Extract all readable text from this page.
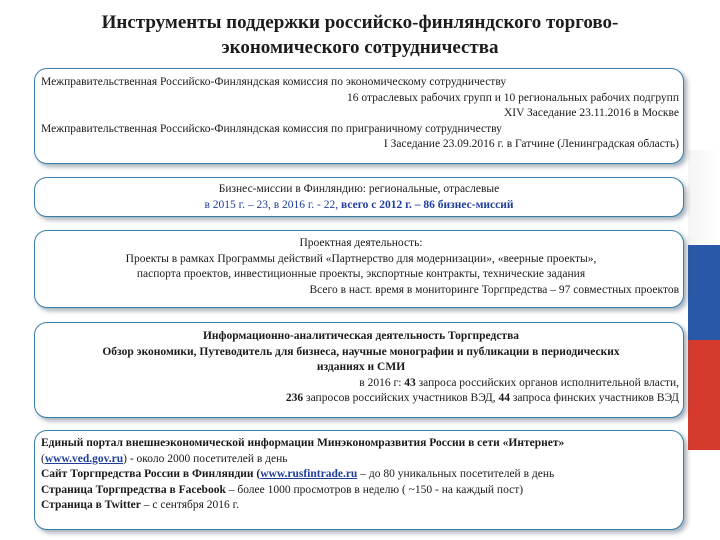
Инструменты поддержки российско-финляндского торгово-
экономического сотрудничества
Межправительственная Российско-Финляндская комиссия по экономическому сотрудничеству
16 отраслевых рабочих групп и 10 региональных рабочих подгрупп
XIV Заседание 23.11.2016 в Москве
Межправительственная Российско-Финляндская комиссия по приграничному сотрудничеству
I Заседание 23.09.2016 г. в Гатчине (Ленинградская область)
Бизнес-миссии в Финляндию: региональные, отраслевые
в 2015 г. – 23, в 2016 г. - 22, всего с 2012 г. – 86 бизнес-миссий
Проектная деятельность:
Проекты в рамках Программы действий «Партнерство для модернизации», «веерные проекты»,
паспорта проектов, инвестиционные проекты, экспортные контракты, технические задания
Всего в наст. время в мониторинге Торгпредства – 97 совместных проектов
Информационно-аналитическая деятельность Торгпредства
Обзор экономики, Путеводитель для бизнеса, научные монографии и публикации в периодических
изданиях и СМИ
в 2016 г: 43 запроса российских органов исполнительной власти,
236 запросов российских участников ВЭД, 44 запроса финских участников ВЭД
Единый портал внешнеэкономической информации Минэкономразвития России в сети «Интернет»
(www.ved.gov.ru) - около 2000 посетителей в день
Сайт Торгпредства России в Финляндии (www.rusfintrade.ru – до 80 уникальных посетителей в день
Страница Торгпредства в Facebook – более 1000 просмотров в неделю ( ~150 - на каждый пост)
Страница в Twitter – с сентября 2016 г.
